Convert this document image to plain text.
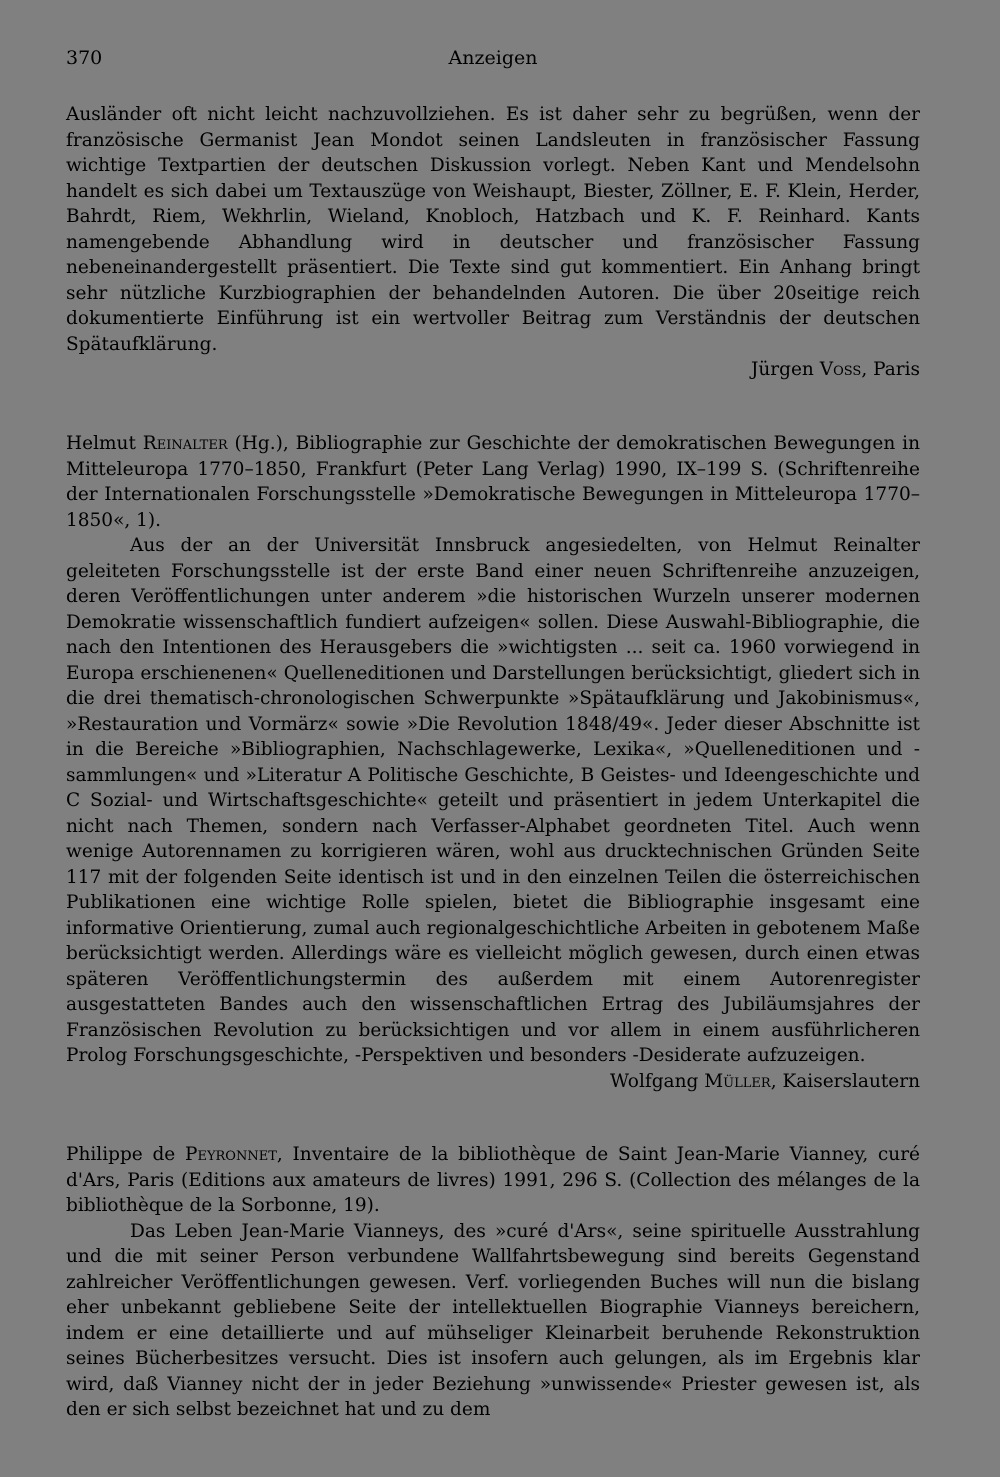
370	Anzeigen

Ausländer oft nicht leicht nachzuvollziehen. Es ist daher sehr zu begrüßen, wenn der französische Germanist Jean Mondot seinen Landsleuten in französischer Fassung wichtige Textpartien der deutschen Diskussion vorlegt. Neben Kant und Mendelsohn handelt es sich dabei um Textauszüge von Weishaupt, Biester, Zöllner, E. F. Klein, Herder, Bahrdt, Riem, Wekhrlin, Wieland, Knobloch, Hatzbach und K. F. Reinhard. Kants namengebende Abhandlung wird in deutscher und französischer Fassung nebeneinandergestellt präsentiert. Die Texte sind gut kommentiert. Ein Anhang bringt sehr nützliche Kurzbiographien der behandelnden Autoren. Die über 20seitige reich dokumentierte Einführung ist ein wertvoller Beitrag zum Verständnis der deutschen Spätaufklärung.

Jürgen Voss, Paris

Helmut Reinalter (Hg.), Bibliographie zur Geschichte der demokratischen Bewegungen in Mitteleuropa 1770–1850, Frankfurt (Peter Lang Verlag) 1990, IX–199 S. (Schriftenreihe der Internationalen Forschungsstelle »Demokratische Bewegungen in Mitteleuropa 1770–1850«, 1).

Aus der an der Universität Innsbruck angesiedelten, von Helmut Reinalter geleiteten Forschungsstelle ist der erste Band einer neuen Schriftenreihe anzuzeigen, deren Veröffentlichungen unter anderem »die historischen Wurzeln unserer modernen Demokratie wissenschaftlich fundiert aufzeigen« sollen. Diese Auswahl-Bibliographie, die nach den Intentionen des Herausgebers die »wichtigsten ... seit ca. 1960 vorwiegend in Europa erschienenen« Quelleneditionen und Darstellungen berücksichtigt, gliedert sich in die drei thematisch-chronologischen Schwerpunkte »Spätaufklärung und Jakobinismus«, »Restauration und Vormärz« sowie »Die Revolution 1848/49«. Jeder dieser Abschnitte ist in die Bereiche »Bibliographien, Nachschlagewerke, Lexika«, »Quelleneditionen und -sammlungen« und »Literatur A Politische Geschichte, B Geistes- und Ideengeschichte und C Sozial- und Wirtschaftsgeschichte« geteilt und präsentiert in jedem Unterkapitel die nicht nach Themen, sondern nach Verfasser-Alphabet geordneten Titel. Auch wenn wenige Autorennamen zu korrigieren wären, wohl aus drucktechnischen Gründen Seite 117 mit der folgenden Seite identisch ist und in den einzelnen Teilen die österreichischen Publikationen eine wichtige Rolle spielen, bietet die Bibliographie insgesamt eine informative Orientierung, zumal auch regionalgeschichtliche Arbeiten in gebotenem Maße berücksichtigt werden. Allerdings wäre es vielleicht möglich gewesen, durch einen etwas späteren Veröffentlichungstermin des außerdem mit einem Autorenregister ausgestatteten Bandes auch den wissenschaftlichen Ertrag des Jubiläumsjahres der Französischen Revolution zu berücksichtigen und vor allem in einem ausführlicheren Prolog Forschungsgeschichte, -Perspektiven und besonders -Desiderate aufzuzeigen.

Wolfgang Müller, Kaiserslautern

Philippe de Peyronnet, Inventaire de la bibliothèque de Saint Jean-Marie Vianney, curé d'Ars, Paris (Editions aux amateurs de livres) 1991, 296 S. (Collection des mélanges de la bibliothèque de la Sorbonne, 19).

Das Leben Jean-Marie Vianneys, des »curé d'Ars«, seine spirituelle Ausstrahlung und die mit seiner Person verbundene Wallfahrtsbewegung sind bereits Gegenstand zahlreicher Veröffentlichungen gewesen. Verf. vorliegenden Buches will nun die bislang eher unbekannt gebliebene Seite der intellektuellen Biographie Vianneys bereichern, indem er eine detaillierte und auf mühseliger Kleinarbeit beruhende Rekonstruktion seines Bücherbesitzes versucht. Dies ist insofern auch gelungen, als im Ergebnis klar wird, daß Vianney nicht der in jeder Beziehung »unwissende« Priester gewesen ist, als den er sich selbst bezeichnet hat und zu dem
